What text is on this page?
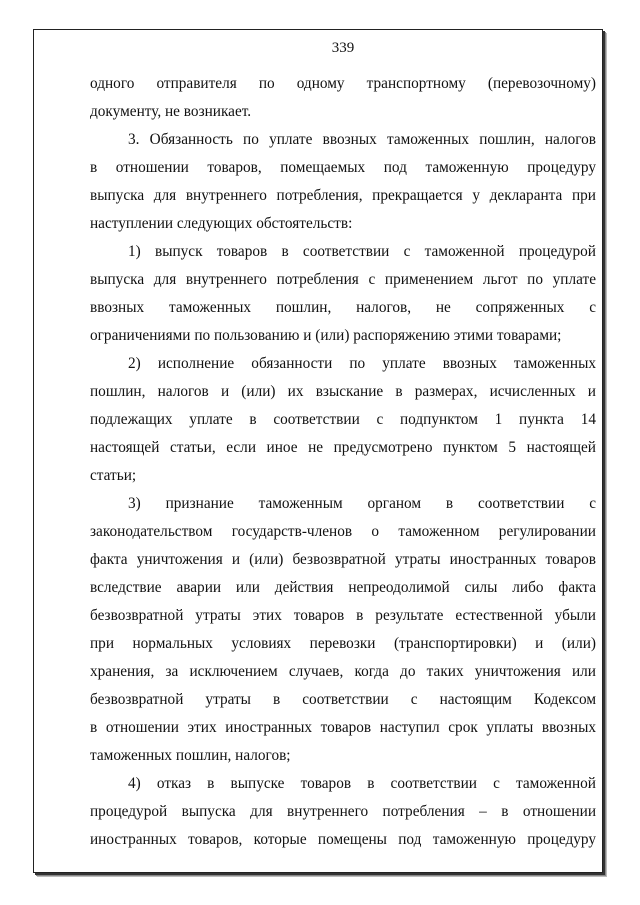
339
одного отправителя по одному транспортному (перевозочному)
документу, не возникает.
3. Обязанность по уплате ввозных таможенных пошлин, налогов
в отношении товаров, помещаемых под таможенную процедуру
выпуска для внутреннего потребления, прекращается у декларанта при
наступлении следующих обстоятельств:
1) выпуск товаров в соответствии с таможенной процедурой
выпуска для внутреннего потребления с применением льгот по уплате
ввозных таможенных пошлин, налогов, не сопряженных с
ограничениями по пользованию и (или) распоряжению этими товарами;
2) исполнение обязанности по уплате ввозных таможенных
пошлин, налогов и (или) их взыскание в размерах, исчисленных и
подлежащих уплате в соответствии с подпунктом 1 пункта 14
настоящей статьи, если иное не предусмотрено пунктом 5 настоящей
статьи;
3) признание таможенным органом в соответствии с
законодательством государств-членов о таможенном регулировании
факта уничтожения и (или) безвозвратной утраты иностранных товаров
вследствие аварии или действия непреодолимой силы либо факта
безвозвратной утраты этих товаров в результате естественной убыли
при нормальных условиях перевозки (транспортировки) и (или)
хранения, за исключением случаев, когда до таких уничтожения или
безвозвратной утраты в соответствии с настоящим Кодексом
в отношении этих иностранных товаров наступил срок уплаты ввозных
таможенных пошлин, налогов;
4) отказ в выпуске товаров в соответствии с таможенной
процедурой выпуска для внутреннего потребления – в отношении
иностранных товаров, которые помещены под таможенную процедуру
